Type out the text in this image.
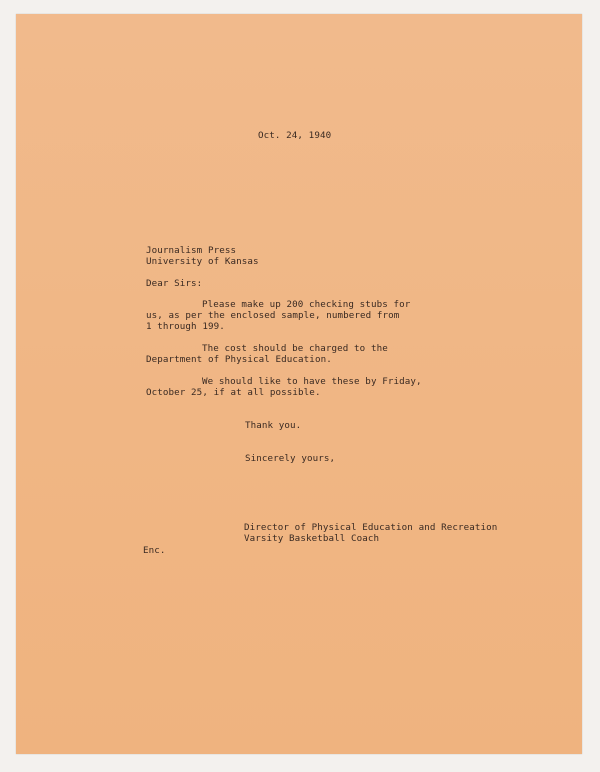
Oct. 24, 1940
Journalism Press
University of Kansas
Dear Sirs:
Please make up 200 checking stubs for
us, as per the enclosed sample, numbered from
1 through 199.
The cost should be charged to the
Department of Physical Education.
We should like to have these by Friday,
October 25, if at all possible.
Thank you.
Sincerely yours,
Director of Physical Education and Recreation
Varsity Basketball Coach
Enc.
